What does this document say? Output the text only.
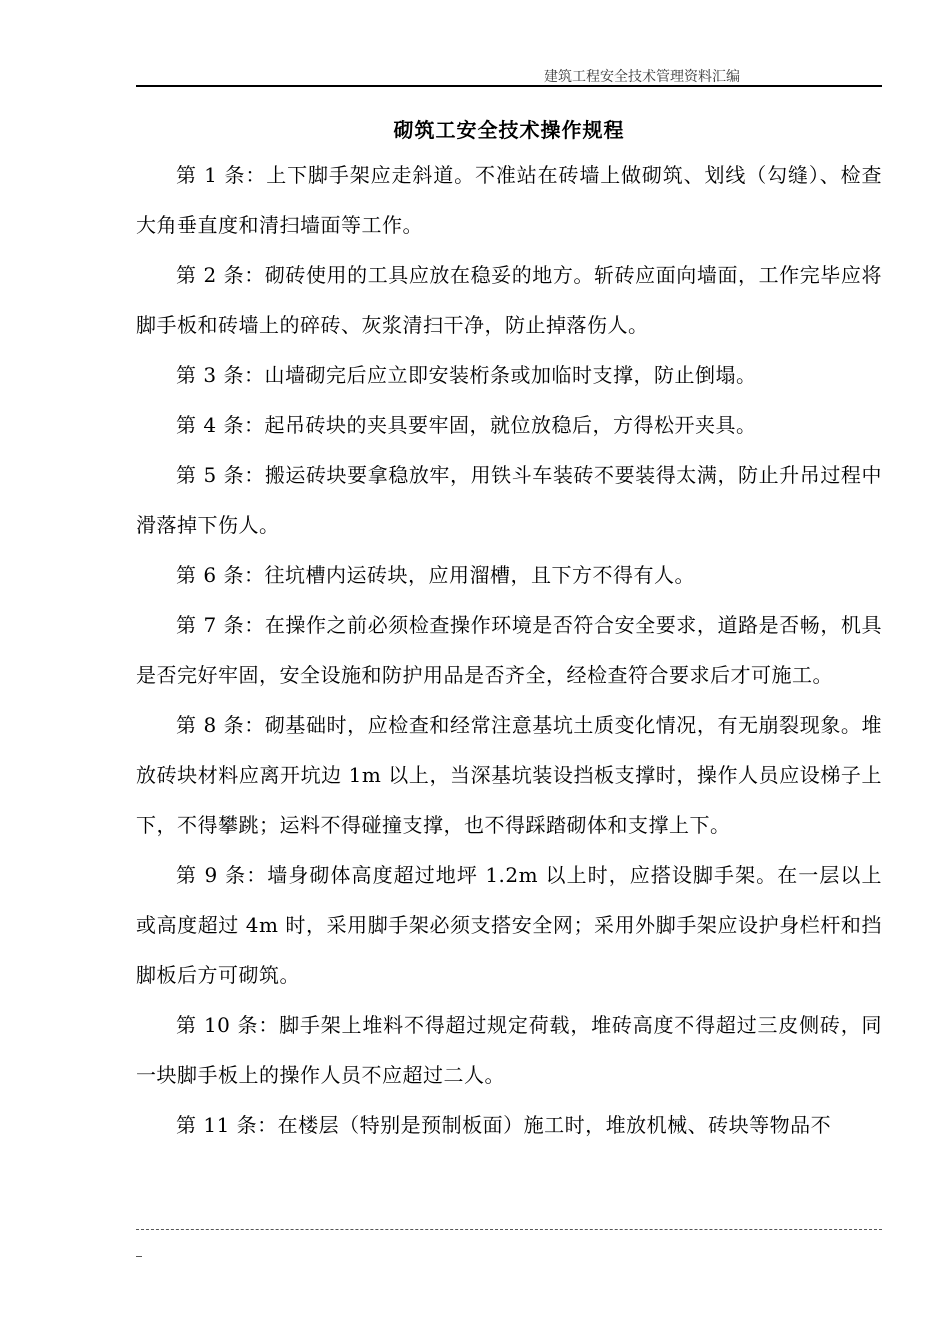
建筑工程安全技术管理资料汇编
砌筑工安全技术操作规程

第 1 条：上下脚手架应走斜道。不准站在砖墙上做砌筑、划线（勾缝）、检查大角垂直度和清扫墙面等工作。

第 2 条：砌砖使用的工具应放在稳妥的地方。斩砖应面向墙面，工作完毕应将脚手板和砖墙上的碎砖、灰浆清扫干净，防止掉落伤人。

第 3 条：山墙砌完后应立即安装桁条或加临时支撑，防止倒塌。

第 4 条：起吊砖块的夹具要牢固，就位放稳后，方得松开夹具。

第 5 条：搬运砖块要拿稳放牢，用铁斗车装砖不要装得太满，防止升吊过程中滑落掉下伤人。

第 6 条：往坑槽内运砖块，应用溜槽，且下方不得有人。

第 7 条：在操作之前必须检查操作环境是否符合安全要求，道路是否畅，机具是否完好牢固，安全设施和防护用品是否齐全，经检查符合要求后才可施工。

第 8 条：砌基础时，应检查和经常注意基坑土质变化情况，有无崩裂现象。堆放砖块材料应离开坑边 1m 以上，当深基坑装设挡板支撑时，操作人员应设梯子上下，不得攀跳；运料不得碰撞支撑，也不得踩踏砌体和支撑上下。

第 9 条：墙身砌体高度超过地坪 1.2m 以上时，应搭设脚手架。在一层以上或高度超过 4m 时，采用脚手架必须支搭安全网；采用外脚手架应设护身栏杆和挡脚板后方可砌筑。

第 10 条：脚手架上堆料不得超过规定荷载，堆砖高度不得超过三皮侧砖，同一块脚手板上的操作人员不应超过二人。

第 11 条：在楼层（特别是预制板面）施工时，堆放机械、砖块等物品不
